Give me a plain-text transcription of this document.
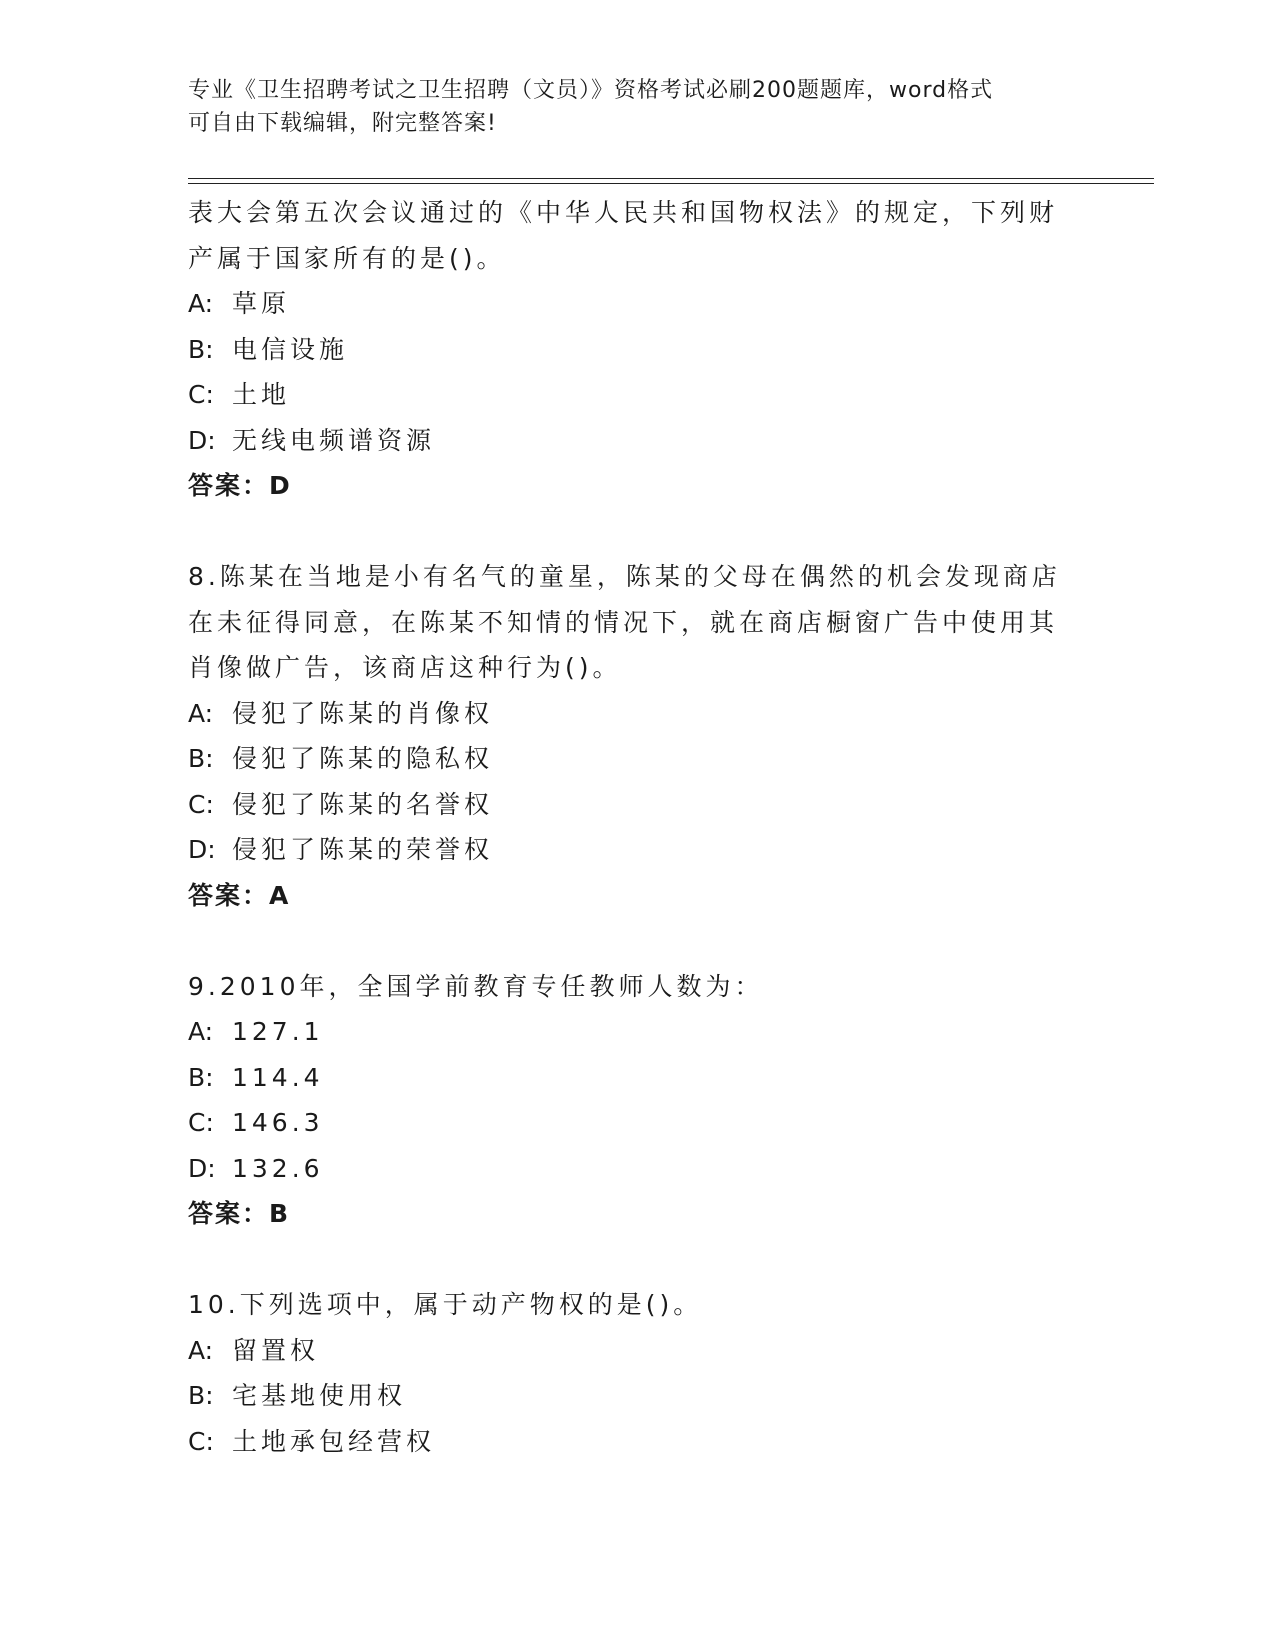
专业《卫生招聘考试之卫生招聘（文员）》资格考试必刷200题题库，word格式
可自由下载编辑，附完整答案!
表大会第五次会议通过的《中华人民共和国物权法》的规定，下列财
产属于国家所有的是()。
A: 草原
B: 电信设施
C: 土地
D: 无线电频谱资源
答案：D
8.陈某在当地是小有名气的童星，陈某的父母在偶然的机会发现商店
在未征得同意，在陈某不知情的情况下，就在商店橱窗广告中使用其
肖像做广告，该商店这种行为()。
A: 侵犯了陈某的肖像权
B: 侵犯了陈某的隐私权
C: 侵犯了陈某的名誉权
D: 侵犯了陈某的荣誉权
答案：A
9.2010年，全国学前教育专任教师人数为：
A: 127.1
B: 114.4
C: 146.3
D: 132.6
答案：B
10.下列选项中，属于动产物权的是()。
A: 留置权
B: 宅基地使用权
C: 土地承包经营权
